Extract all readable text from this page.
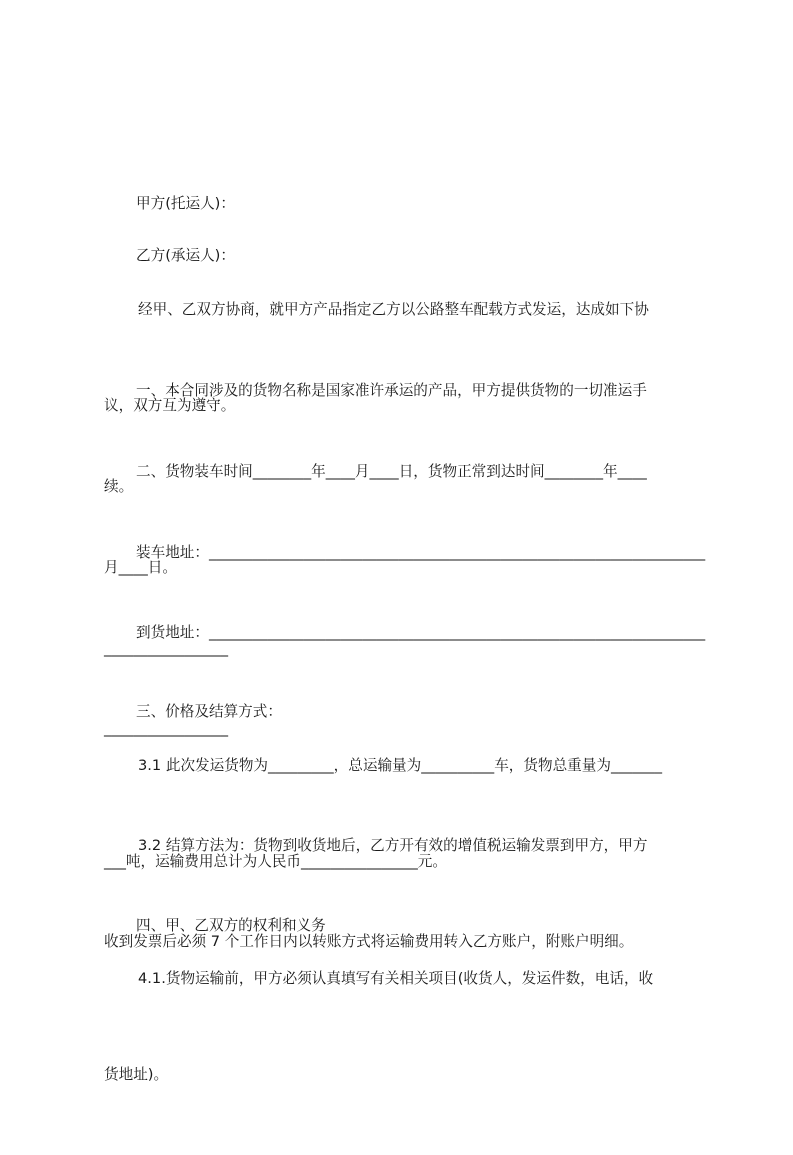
甲方(托运人)：

乙方(承运人)：

经甲、乙双方协商，就甲方产品指定乙方以公路整车配载方式发运，达成如下协

议，双方互为遵守。

一、本合同涉及的货物名称是国家准许承运的产品，甲方提供货物的一切准运手

续。

二、货物装车时间________年____月____日，货物正常到达时间________年____

月____日。

装车地址：____________________________________________________________________

_________________

到货地址：____________________________________________________________________

_________________

三、价格及结算方式：

3.1 此次发运货物为_________，总运输量为__________车，货物总重量为_______

___吨，运输费用总计为人民币________________元。

3.2 结算方法为：货物到收货地后，乙方开有效的增值税运输发票到甲方，甲方

收到发票后必须 7 个工作日内以转账方式将运输费用转入乙方账户，附账户明细。

四、甲、乙双方的权利和义务

4.1.货物运输前，甲方必须认真填写有关相关项目(收货人，发运件数，电话，收

货地址)。
